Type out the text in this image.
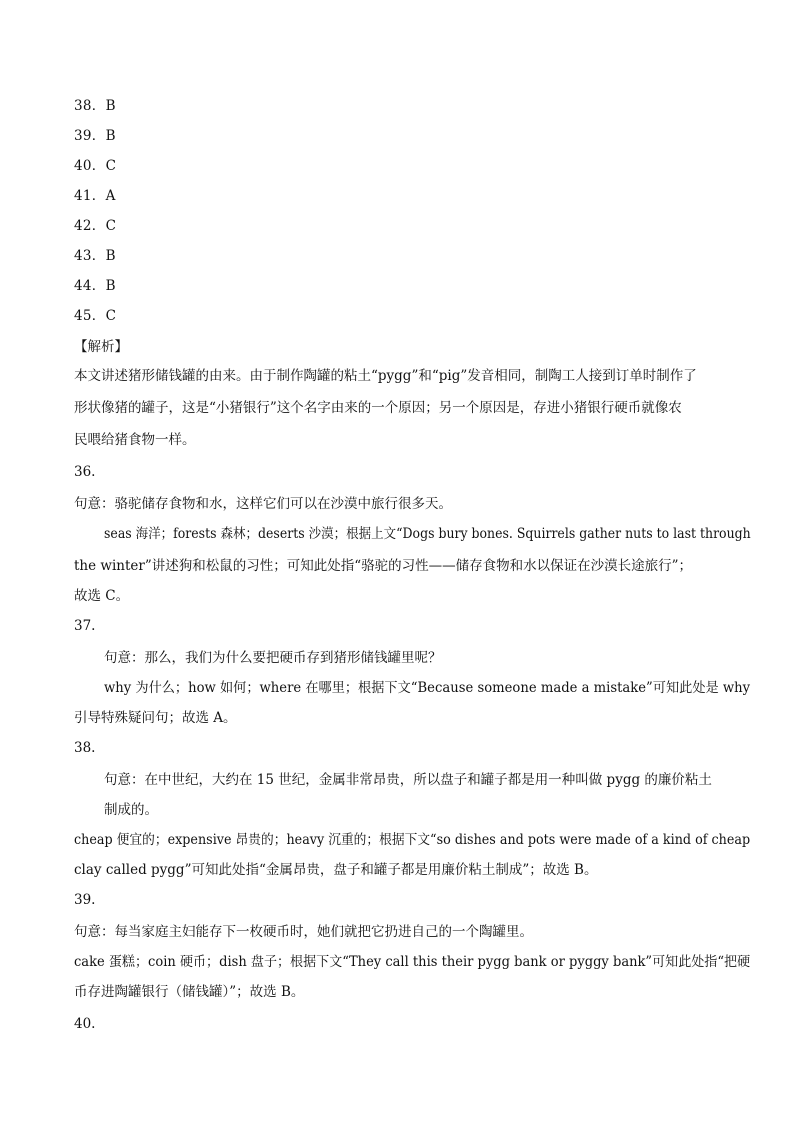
38．B
39．B
40．C
41．A
42．C
43．B
44．B
45．C
【解析】
本文讲述猪形储钱罐的由来。由于制作陶罐的粘土“pygg”和“pig”发音相同，制陶工人接到订单时制作了
形状像猪的罐子，这是“小猪银行”这个名字由来的一个原因；另一个原因是，存进小猪银行硬币就像农
民喂给猪食物一样。
36.
句意：骆驼储存食物和水，这样它们可以在沙漠中旅行很多天。
seas 海洋；forests 森林；deserts 沙漠；根据上文“Dogs bury bones. Squirrels gather nuts to last through
the winter”讲述狗和松鼠的习性；可知此处指“骆驼的习性——储存食物和水以保证在沙漠长途旅行”；
故选 C。
37.
句意：那么，我们为什么要把硬币存到猪形储钱罐里呢？
why 为什么；how 如何；where 在哪里；根据下文“Because someone made a mistake”可知此处是 why
引导特殊疑问句；故选 A。
38.
句意：在中世纪，大约在 15 世纪，金属非常昂贵，所以盘子和罐子都是用一种叫做 pygg 的廉价粘土
制成的。
cheap 便宜的；expensive 昂贵的；heavy 沉重的；根据下文“so dishes and pots were made of a kind of cheap
clay called pygg”可知此处指“金属昂贵，盘子和罐子都是用廉价粘土制成”；故选 B。
39.
句意：每当家庭主妇能存下一枚硬币时，她们就把它扔进自己的一个陶罐里。
cake 蛋糕；coin 硬币；dish 盘子；根据下文“They call this their pygg bank or pyggy bank”可知此处指“把硬
币存进陶罐银行（储钱罐）”；故选 B。
40.
